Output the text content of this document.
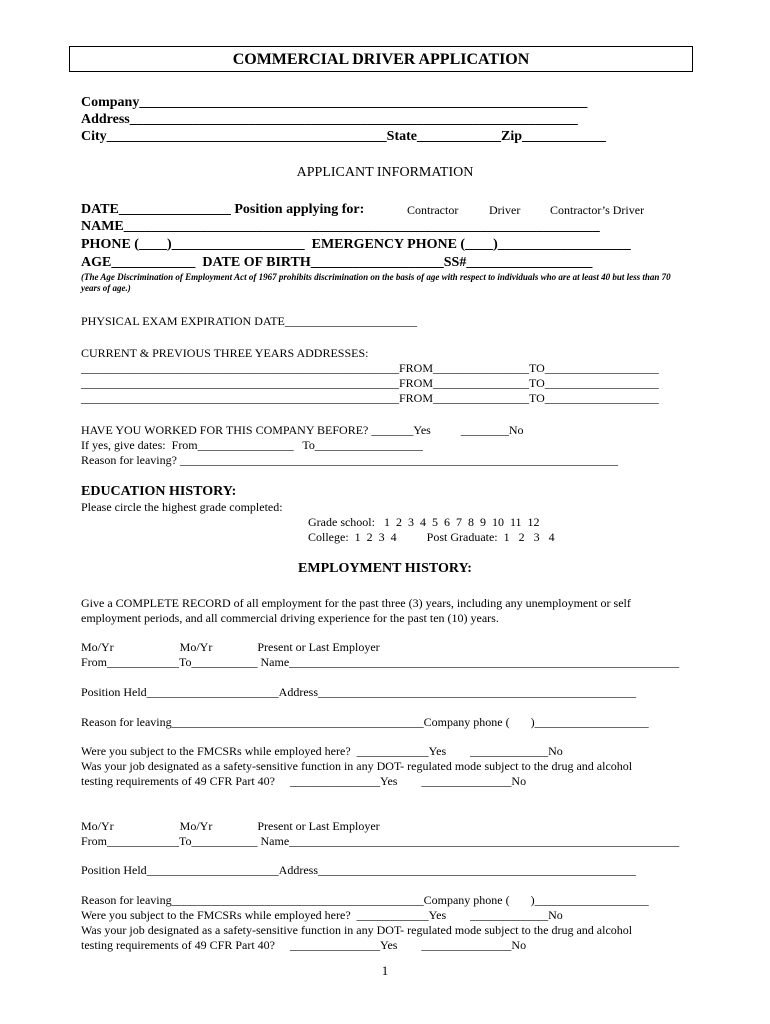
COMMERCIAL DRIVER APPLICATION
Company________________________________________________________________
Address________________________________________________________________
City________________________________________State____________Zip____________
APPLICANT INFORMATION
DATE________________ Position applying for:	Contractor	Driver Contractor’s Driver
NAME____________________________________________________________________
PHONE (____)___________________  EMERGENCY PHONE (____)___________________
AGE____________  DATE OF BIRTH___________________SS#__________________
(The Age Discrimination of Employment Act of 1967 prohibits discrimination on the basis of age with respect to individuals who are at least 40 but less than 70 years of age.)
PHYSICAL EXAM EXPIRATION DATE______________________
CURRENT & PREVIOUS THREE YEARS ADDRESSES:
_____________________________________________________FROM________________TO___________________
_____________________________________________________FROM________________TO___________________
_____________________________________________________FROM________________TO___________________
HAVE YOU WORKED FOR THIS COMPANY BEFORE? _______Yes          ________No
If yes, give dates:  From________________   To__________________
Reason for leaving? _________________________________________________________________________
EDUCATION HISTORY:
Please circle the highest grade completed:
Grade school:   1  2  3  4  5  6  7  8  9  10  11  12
College:  1  2  3  4          Post Graduate:  1   2   3   4
EMPLOYMENT HISTORY:
Give a COMPLETE RECORD of all employment for the past three (3) years, including any unemployment or self
employment periods, and all commercial driving experience for the past ten (10) years.
Mo/Yr                      Mo/Yr               Present or Last Employer
From____________To___________ Name_________________________________________________________________
Position Held______________________Address_____________________________________________________
Reason for leaving__________________________________________Company phone (       )___________________
Were you subject to the FMCSRs while employed here?  ____________Yes        _____________No
Was your job designated as a safety-sensitive function in any DOT- regulated mode subject to the drug and alcohol
testing requirements of 49 CFR Part 40?     _______________Yes        _______________No
Mo/Yr                      Mo/Yr               Present or Last Employer
From____________To___________ Name_________________________________________________________________
Position Held______________________Address_____________________________________________________
Reason for leaving__________________________________________Company phone (       )___________________
Were you subject to the FMCSRs while employed here?  ____________Yes        _____________No
Was your job designated as a safety-sensitive function in any DOT- regulated mode subject to the drug and alcohol
testing requirements of 49 CFR Part 40?     _______________Yes        _______________No
1
